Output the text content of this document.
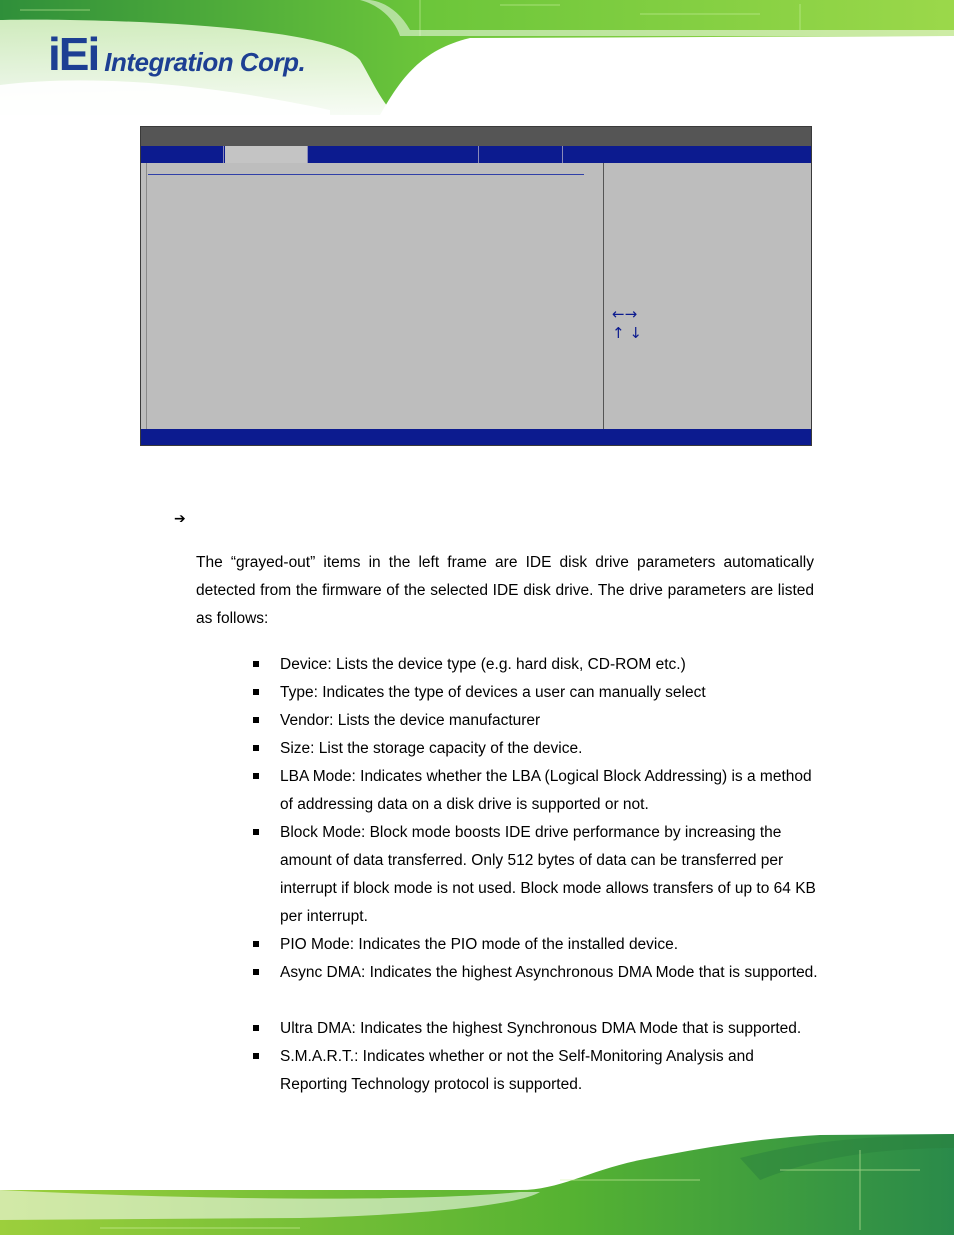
iEi Integration Corp.
←→
↑ ↓
➔

The “grayed-out” items in the left frame are IDE disk drive parameters automatically detected from the firmware of the selected IDE disk drive. The drive parameters are listed as follows:

Device: Lists the device type (e.g. hard disk, CD-ROM etc.)
Type: Indicates the type of devices a user can manually select
Vendor: Lists the device manufacturer
Size: List the storage capacity of the device.
LBA Mode: Indicates whether the LBA (Logical Block Addressing) is a method of addressing data on a disk drive is supported or not.
Block Mode: Block mode boosts IDE drive performance by increasing the amount of data transferred. Only 512 bytes of data can be transferred per interrupt if block mode is not used. Block mode allows transfers of up to 64 KB per interrupt.
PIO Mode: Indicates the PIO mode of the installed device.
Async DMA: Indicates the highest Asynchronous DMA Mode that is supported.
Ultra DMA: Indicates the highest Synchronous DMA Mode that is supported.
S.M.A.R.T.: Indicates whether or not the Self-Monitoring Analysis and Reporting Technology protocol is supported.
